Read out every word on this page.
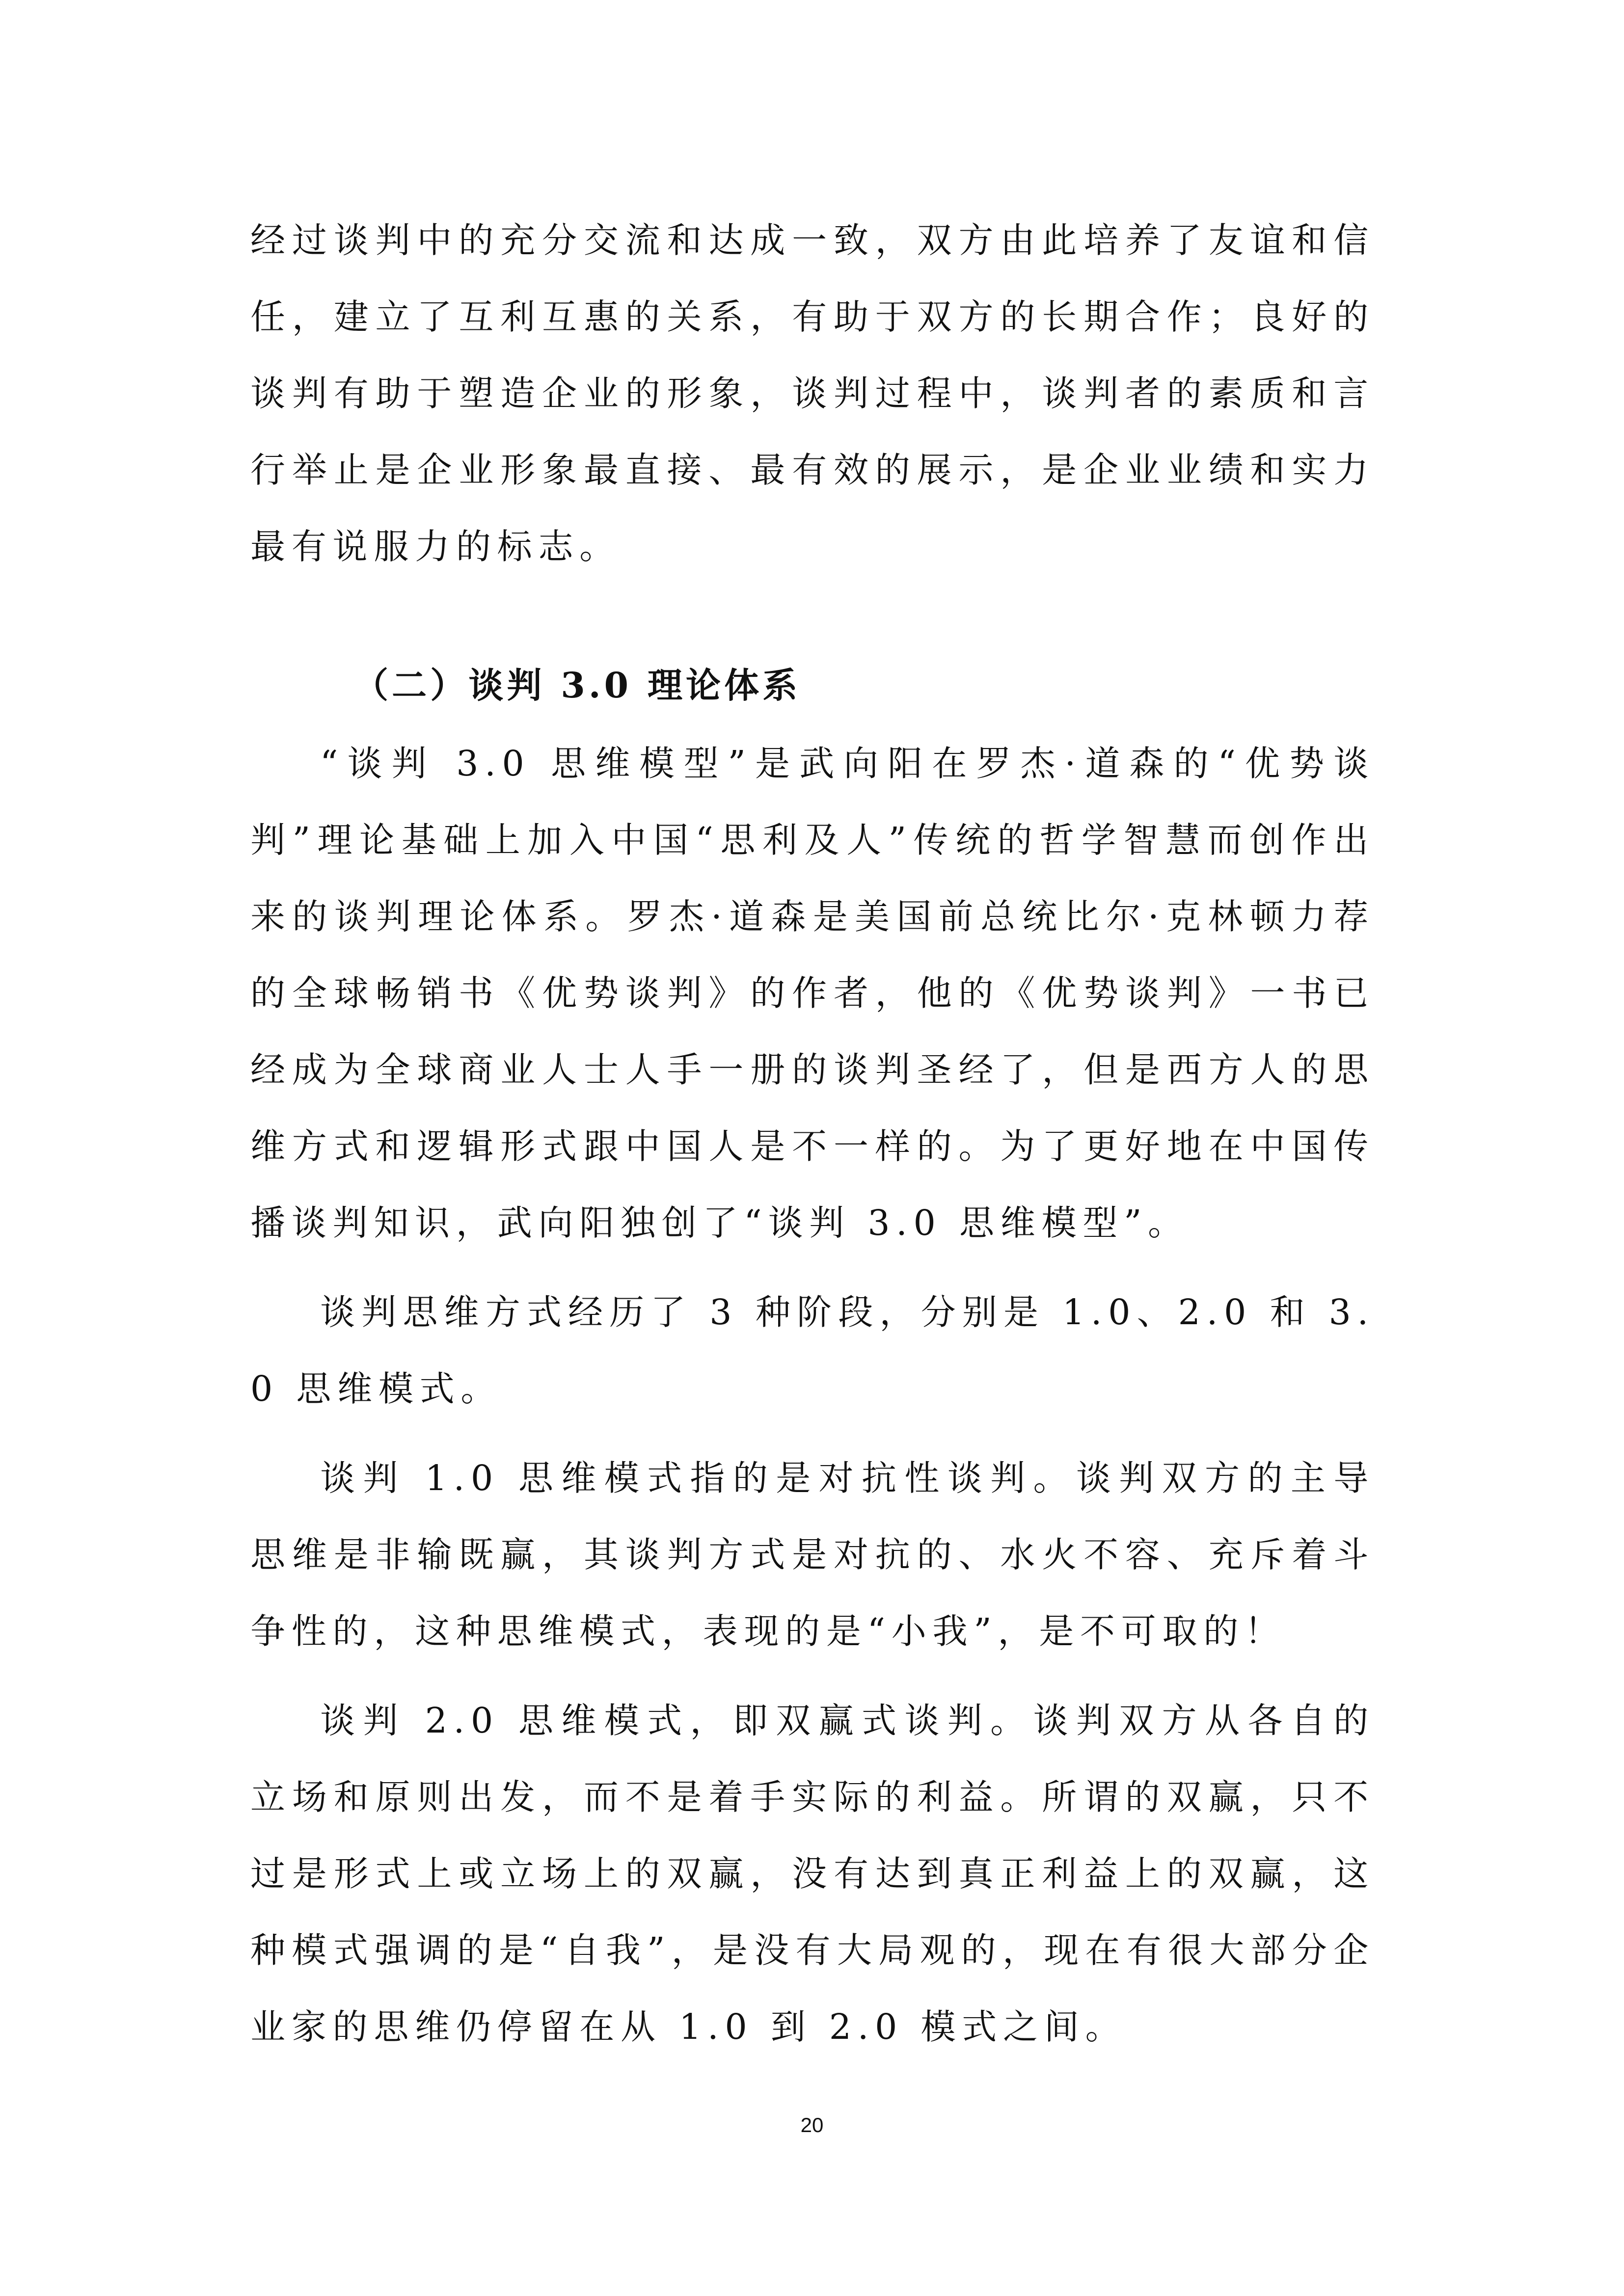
经过谈判中的充分交流和达成一致，双方由此培养了友谊和信任，建立了互利互惠的关系，有助于双方的长期合作；良好的谈判有助于塑造企业的形象，谈判过程中，谈判者的素质和言行举止是企业形象最直接、最有效的展示，是企业业绩和实力最有说服力的标志。

（二）谈判 3.0 理论体系

“谈判 3.0 思维模型”是武向阳在罗杰·道森的“优势谈判”理论基础上加入中国“思利及人”传统的哲学智慧而创作出来的谈判理论体系。罗杰·道森是美国前总统比尔·克林顿力荐的全球畅销书《优势谈判》的作者，他的《优势谈判》一书已经成为全球商业人士人手一册的谈判圣经了，但是西方人的思维方式和逻辑形式跟中国人是不一样的。为了更好地在中国传播谈判知识，武向阳独创了“谈判 3.0 思维模型”。

谈判思维方式经历了 3 种阶段，分别是 1.0、2.0 和 3.0 思维模式。

谈判 1.0 思维模式指的是对抗性谈判。谈判双方的主导思维是非输既赢，其谈判方式是对抗的、水火不容、充斥着斗争性的，这种思维模式，表现的是“小我”，是不可取的！

谈判 2.0 思维模式，即双赢式谈判。谈判双方从各自的立场和原则出发，而不是着手实际的利益。所谓的双赢，只不过是形式上或立场上的双赢，没有达到真正利益上的双赢，这种模式强调的是“自我”，是没有大局观的，现在有很大部分企业家的思维仍停留在从 1.0 到 2.0 模式之间。

20
